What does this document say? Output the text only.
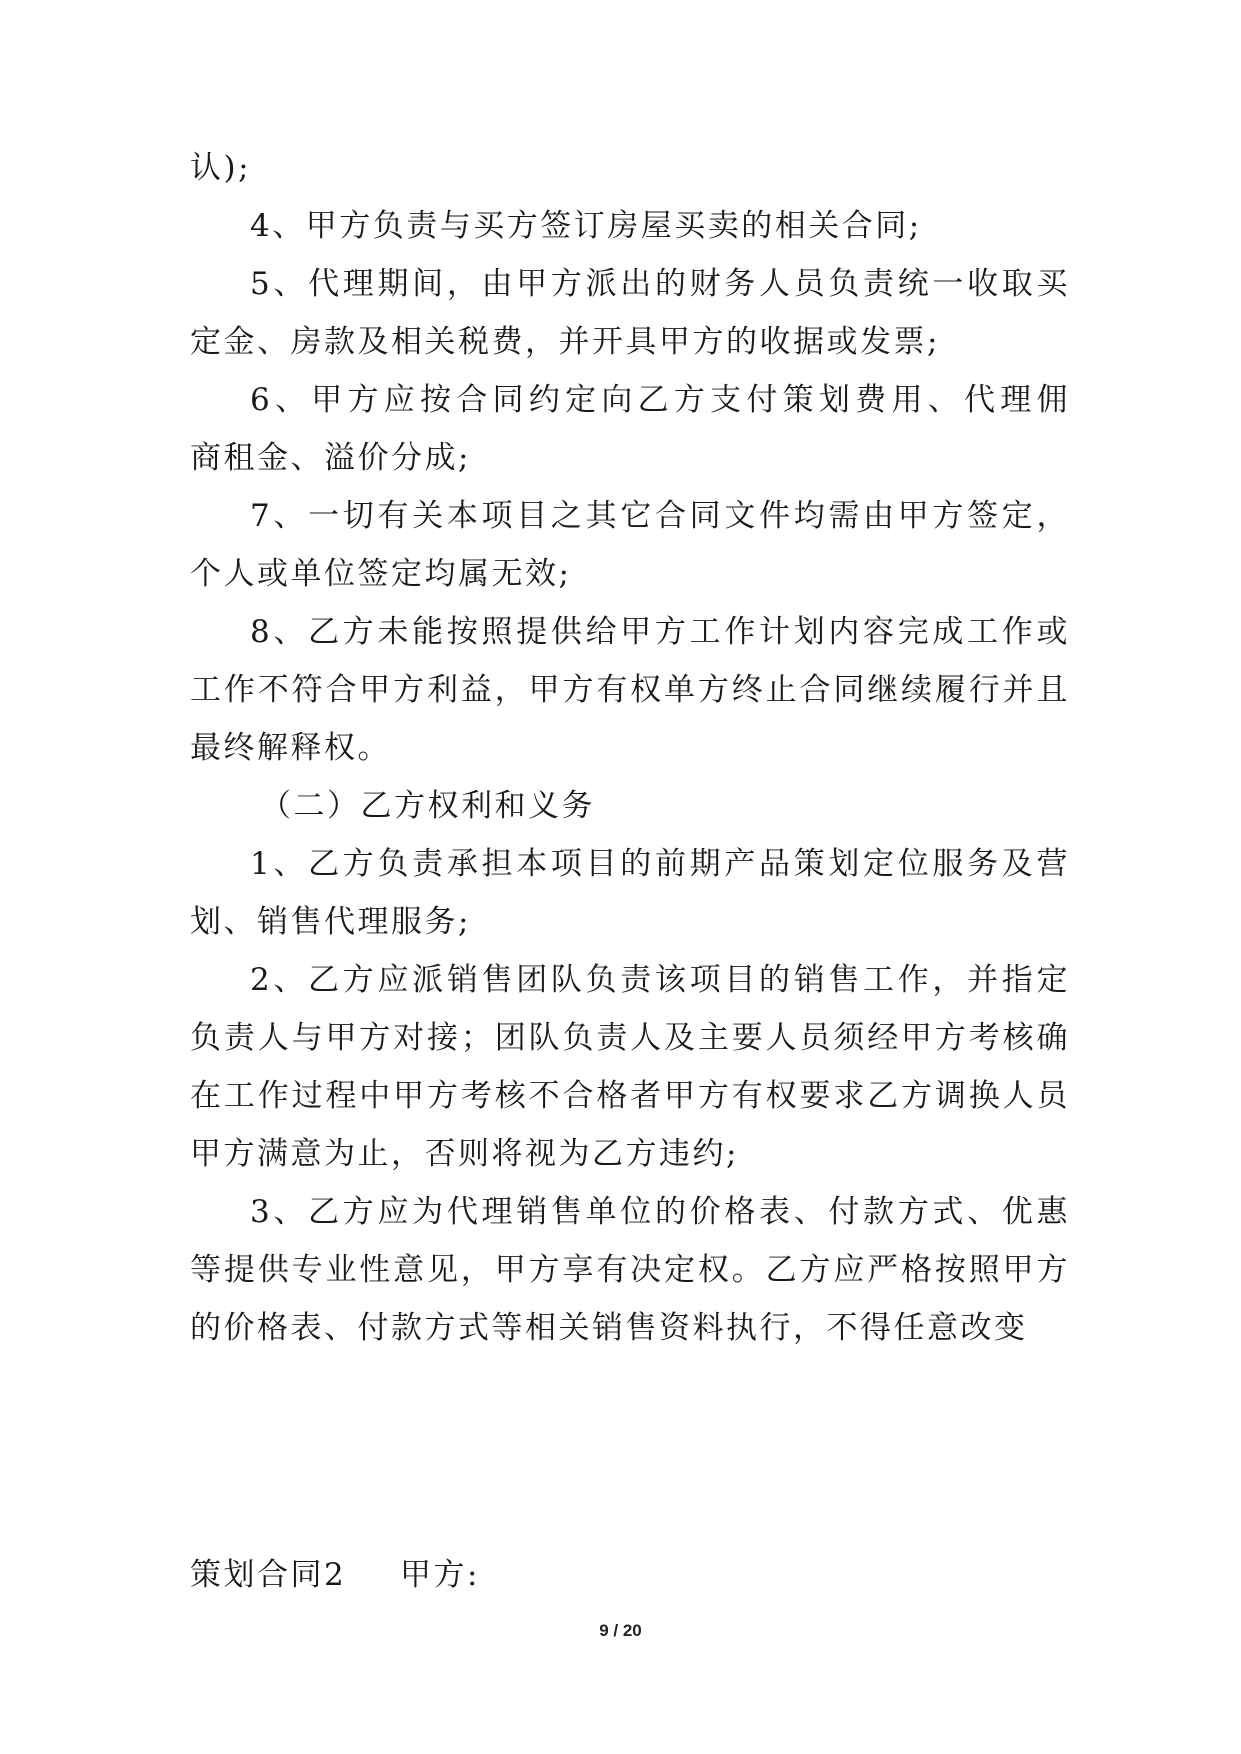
认);
4、甲方负责与买方签订房屋买卖的相关合同;
5、代理期间，由甲方派出的财务人员负责统一收取买
定金、房款及相关税费，并开具甲方的收据或发票;
6、甲方应按合同约定向乙方支付策划费用、代理佣
商租金、溢价分成;
7、一切有关本项目之其它合同文件均需由甲方签定，
个人或单位签定均属无效;
8、乙方未能按照提供给甲方工作计划内容完成工作或
工作不符合甲方利益，甲方有权单方终止合同继续履行并且
最终解释权。
（二）乙方权利和义务
1、乙方负责承担本项目的前期产品策划定位服务及营
划、销售代理服务;
2、乙方应派销售团队负责该项目的销售工作，并指定
负责人与甲方对接；团队负责人及主要人员须经甲方考核确
在工作过程中甲方考核不合格者甲方有权要求乙方调换人员
甲方满意为止，否则将视为乙方违约;
3、乙方应为代理销售单位的价格表、付款方式、优惠
等提供专业性意见，甲方享有决定权。乙方应严格按照甲方
的价格表、付款方式等相关销售资料执行，不得任意改变
策划合同2 甲方:
9 / 20
